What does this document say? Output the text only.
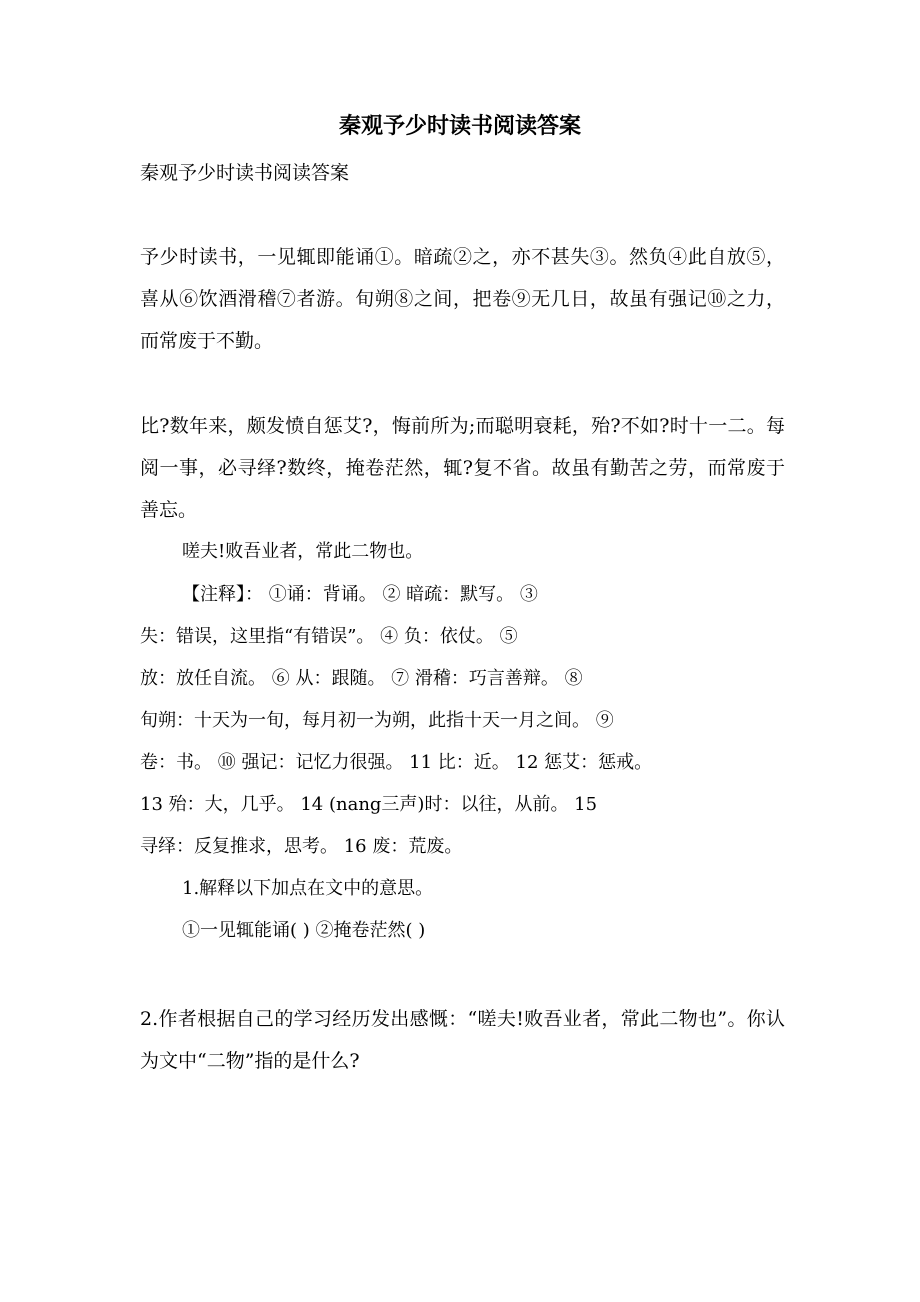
秦观予少时读书阅读答案

秦观予少时读书阅读答案

予少时读书，一见辄即能诵①。暗疏②之，亦不甚失③。然负④此自放⑤，喜从⑥饮酒滑稽⑦者游。旬朔⑧之间，把卷⑨无几日，故虽有强记⑩之力，而常废于不勤。

比?数年来，颇发愤自惩艾?，悔前所为;而聪明衰耗，殆?不如?时十一二。每阅一事，必寻绎?数终，掩卷茫然，辄?复不省。故虽有勤苦之劳，而常废于善忘。

嗟夫!败吾业者，常此二物也。

【注释】： ①诵：背诵。 ② 暗疏：默写。 ③

失：错误，这里指“有错误”。 ④ 负：依仗。 ⑤

放：放任自流。 ⑥ 从：跟随。 ⑦ 滑稽：巧言善辩。 ⑧

旬朔：十天为一旬，每月初一为朔，此指十天一月之间。 ⑨

卷：书。 ⑩ 强记：记忆力很强。 11 比：近。 12 惩艾：惩戒。

13 殆：大，几乎。 14 (nang三声)时：以往，从前。 15

寻绎：反复推求，思考。 16 废：荒废。

1.解释以下加点在文中的意思。

①一见辄能诵( ) ②掩卷茫然( )

2.作者根据自己的学习经历发出感慨：“嗟夫!败吾业者，常此二物也”。你认为文中“二物”指的是什么?
